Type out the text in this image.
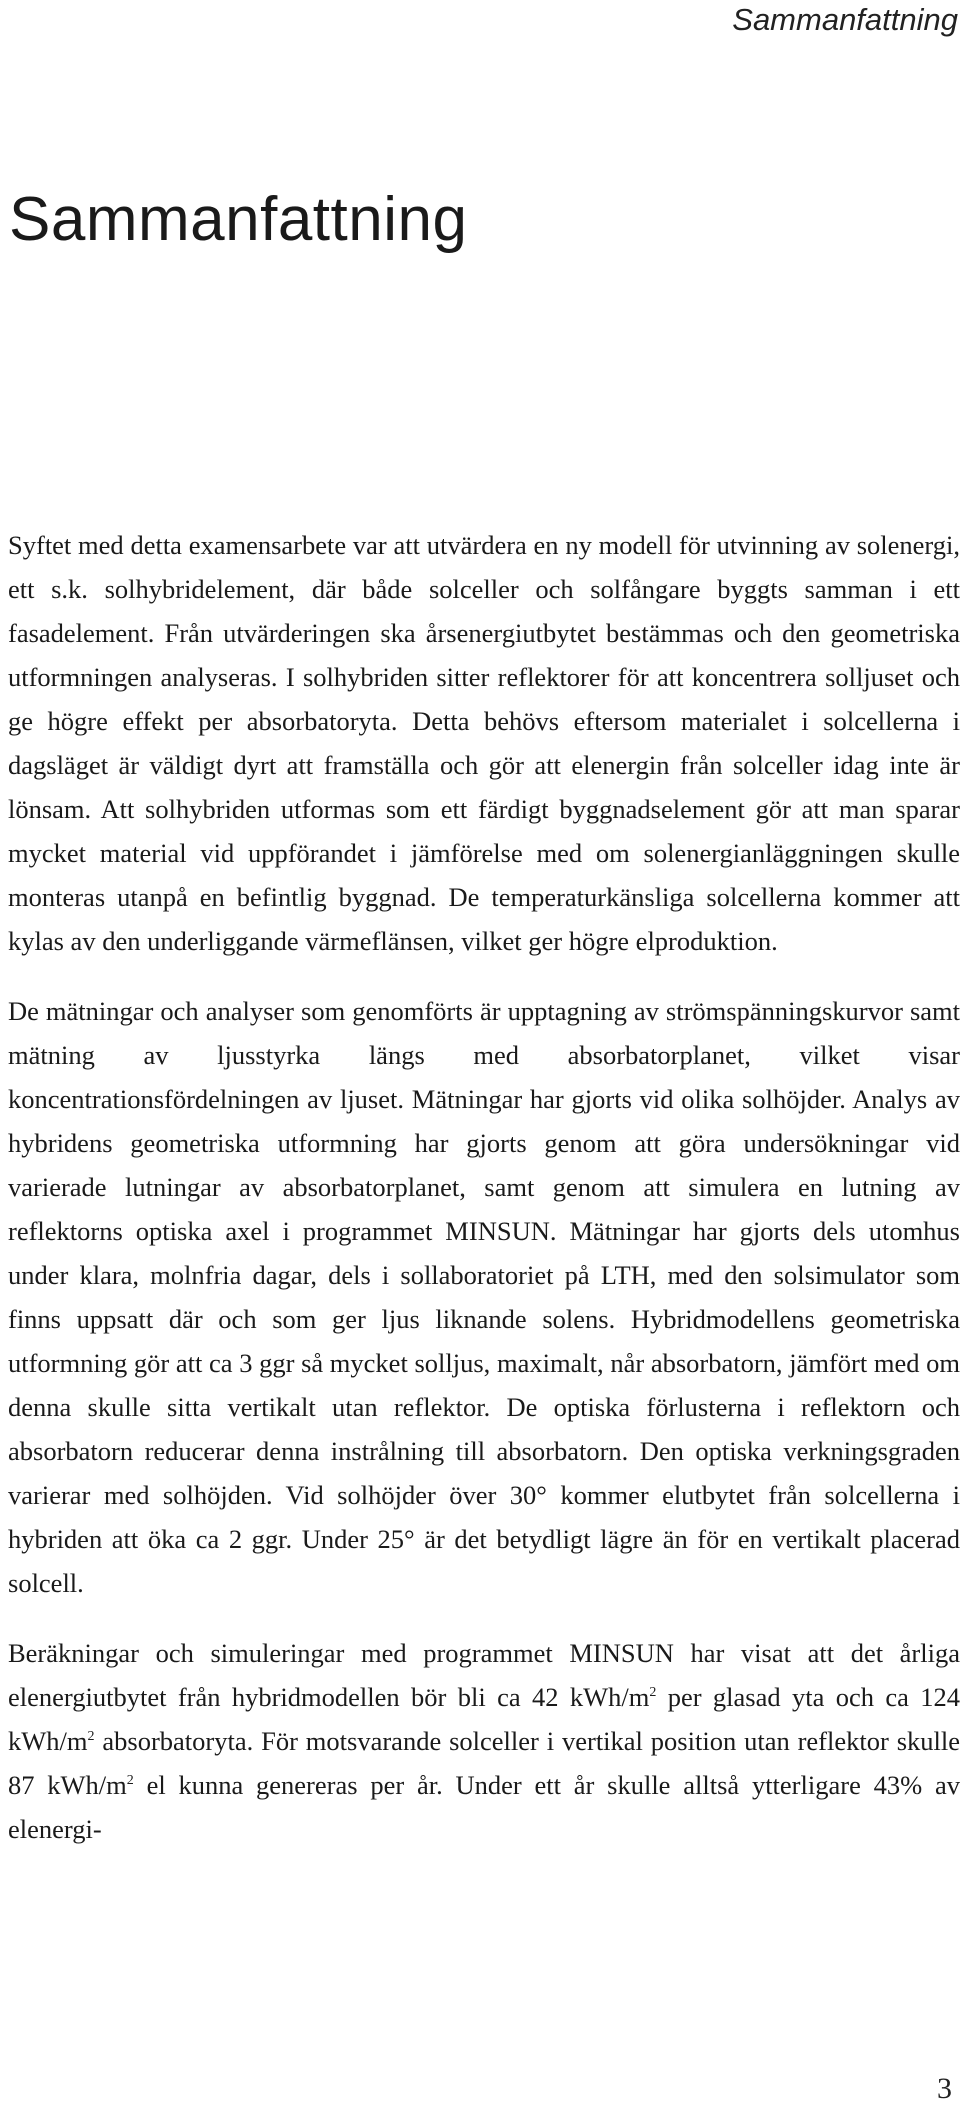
Sammanfattning
Sammanfattning

Syftet med detta examensarbete var att utvärdera en ny modell för utvinning av solenergi, ett s.k. solhybridelement, där både solceller och solfångare byggts samman i ett fasadelement. Från utvärderingen ska årsenergiutbytet bestämmas och den geometriska utformningen analyseras. I solhybriden sitter reflektorer för att koncentrera solljuset och ge högre effekt per absorbatoryta. Detta behövs eftersom materialet i solcellerna i dagsläget är väldigt dyrt att framställa och gör att elenergin från solceller idag inte är lönsam. Att solhybriden utformas som ett färdigt byggnadselement gör att man sparar mycket material vid uppförandet i jämförelse med om solenergianläggningen skulle monteras utanpå en befintlig byggnad. De temperaturkänsliga solcellerna kommer att kylas av den underliggande värmeflänsen, vilket ger högre elproduktion.

De mätningar och analyser som genomförts är upptagning av strömspänningskurvor samt mätning av ljusstyrka längs med absorbatorplanet, vilket visar koncentrationsfördelningen av ljuset. Mätningar har gjorts vid olika solhöjder. Analys av hybridens geometriska utformning har gjorts genom att göra undersökningar vid varierade lutningar av absorbatorplanet, samt genom att simulera en lutning av reflektorns optiska axel i programmet MINSUN. Mätningar har gjorts dels utomhus under klara, molnfria dagar, dels i sollaboratoriet på LTH, med den solsimulator som finns uppsatt där och som ger ljus liknande solens. Hybridmodellens geometriska utformning gör att ca 3 ggr så mycket solljus, maximalt, når absorbatorn, jämfört med om denna skulle sitta vertikalt utan reflektor. De optiska förlusterna i reflektorn och absorbatorn reducerar denna instrålning till absorbatorn. Den optiska verkningsgraden varierar med solhöjden. Vid solhöjder över 30° kommer elutbytet från solcellerna i hybriden att öka ca 2 ggr. Under 25° är det betydligt lägre än för en vertikalt placerad solcell.

Beräkningar och simuleringar med programmet MINSUN har visat att det årliga elenergiutbytet från hybridmodellen bör bli ca 42 kWh/$m^2$ per glasad yta och ca 124 kWh/$m^2$ absorbatoryta. För motsvarande solceller i vertikal position utan reflektor skulle 87 kWh/$m^2$ el kunna genereras per år. Under ett år skulle alltså ytterligare 43% av elenergi-

3
